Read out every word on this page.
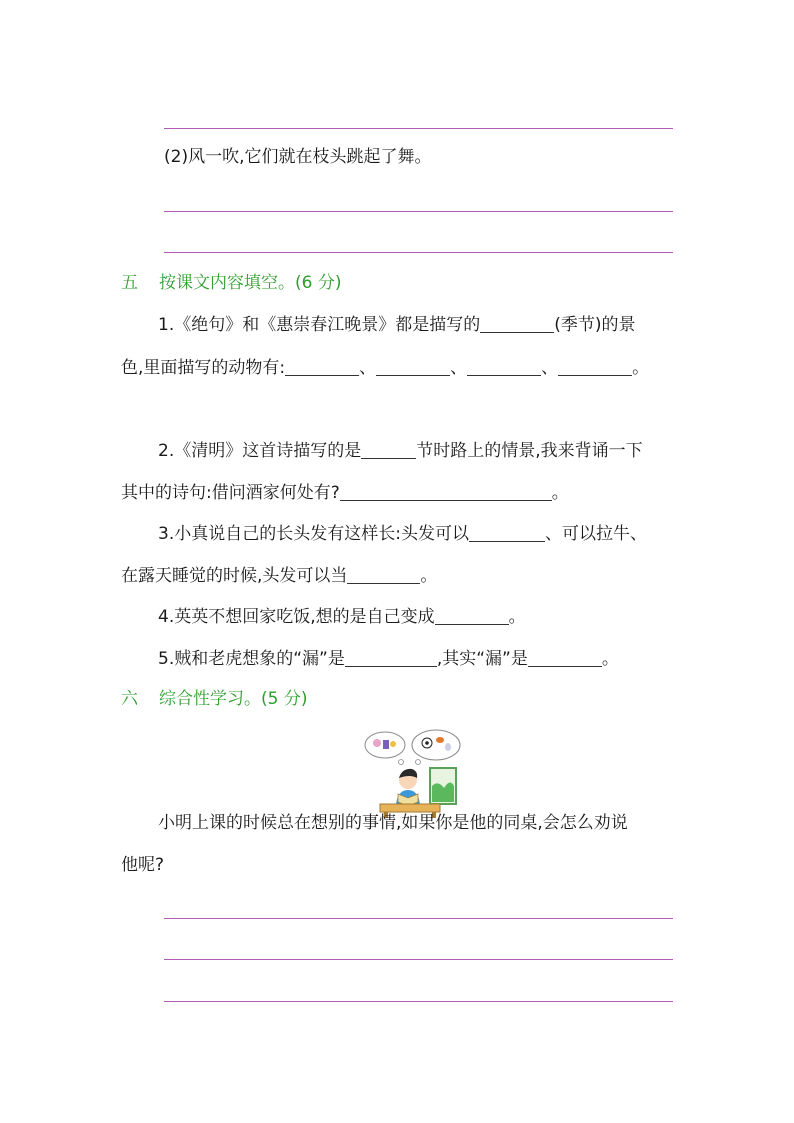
(2)风一吹,它们就在枝头跳起了舞。
五 按课文内容填空。(6 分)
1.《绝句》和《惠崇春江晚景》都是描写的	(季节)的景
色,里面描写的动物有:	、	、	、	。
2.《清明》这首诗描写的是	节时路上的情景,我来背诵一下
其中的诗句:借问酒家何处有?	。
3.小真说自己的长头发有这样长:头发可以	、可以拉牛、
在露天睡觉的时候,头发可以当	。
4.英英不想回家吃饭,想的是自己变成	。
5.贼和老虎想象的“漏”是	,其实“漏”是	。
六 综合性学习。(5 分)
小明上课的时候总在想别的事情,如果你是他的同桌,会怎么劝说
他呢?
